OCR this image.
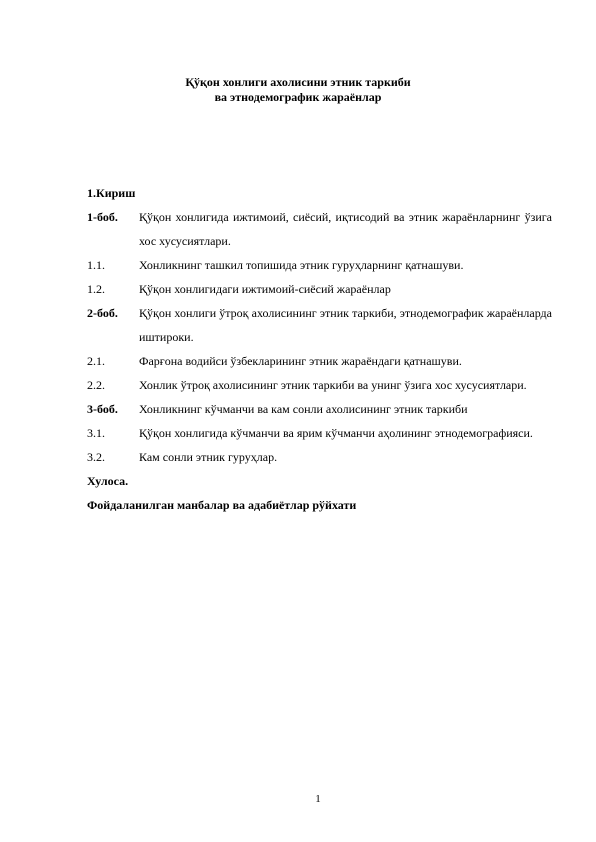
Қўқон хонлиги ахолисини этник таркиби
ва этнодемографик жараёнлар
1.Кириш
1-боб.	Қўқон хонлигида ижтимоий, сиёсий, иқтисодий ва этник жараёнларнинг ўзига хос хусусиятлари.
1.1.	Хонликнинг ташкил топишида этник гуруҳларнинг қатнашуви.
1.2.	Қўқон хонлигидаги ижтимоий-сиёсий жараёнлар
2-боб.	Қўқон хонлиги ўтроқ ахолисининг этник таркиби, этнодемографик жараёнларда иштироки.
2.1.	Фарғона водийси ўзбекларининг этник жараёндаги қатнашуви.
2.2.	Хонлик ўтроқ ахолисининг этник таркиби ва унинг ўзига хос хусусиятлари.
3-боб.	Хонликнинг кўчманчи ва кам сонли ахолисининг этник таркиби
3.1.	Қўқон хонлигида кўчманчи ва ярим кўчманчи аҳолининг этнодемографияси.
3.2.	Кам сонли этник гуруҳлар.
Хулоса.
Фойдаланилган манбалар ва адабиётлар рўйхати
1
